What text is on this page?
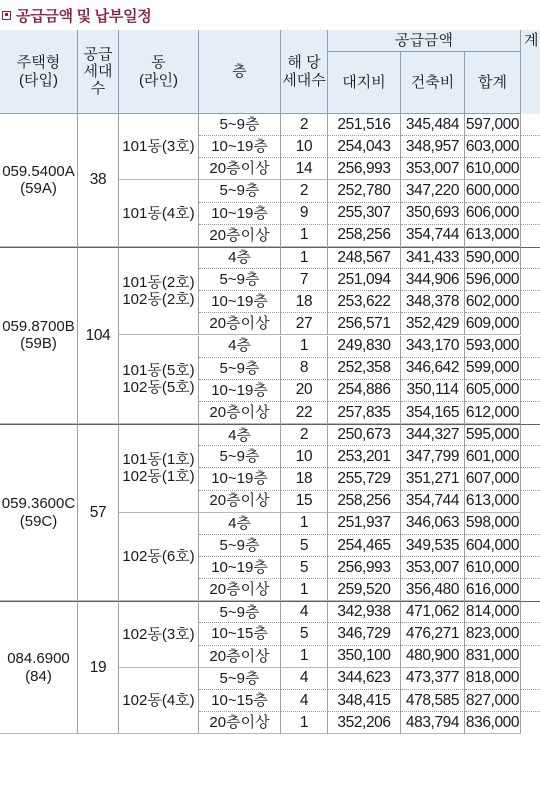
공급금액 및 납부일정
주택형
(타입)
공급
세대
수
동
(라인)
층
해 당
세대수
공급금액
대지비	건축비	합계
계
059.5400A
(59A)
38
101동(3호)
5~9층	2	251,516 345,484 597,000
10~19층	10	254,043 348,957 603,000
20층이상	14	256,993 353,007 610,000
101동(4호)
5~9층	2	252,780 347,220 600,000
10~19층	9	255,307 350,693 606,000
20층이상	1	258,256 354,744 613,000
059.8700B
(59B)
104
101동(2호)
102동(2호)
4층	1	248,567 341,433 590,000
5~9층	7	251,094 344,906 596,000
10~19층	18	253,622 348,378 602,000
20층이상	27	256,571 352,429 609,000
101동(5호)
102동(5호)
4층	1	249,830 343,170 593,000
5~9층	8	252,358 346,642 599,000
10~19층	20	254,886	350,114 605,000
20층이상	22	257,835 354,165 612,000
059.3600C
(59C)
57
101동(1호)
102동(1호)
4층	2	250,673 344,327 595,000
5~9층	10	253,201 347,799 601,000
10~19층	18	255,729 351,271 607,000
20층이상	15	258,256 354,744 613,000
102동(6호)
4층	1	251,937 346,063 598,000
5~9층	5	254,465 349,535 604,000
10~19층	5	256,993 353,007 610,000
20층이상	1	259,520 356,480 616,000
084.6900
(84)
19
102동(3호)
5~9층	4	342,938 471,062 814,000
10~15층	5	346,729 476,271 823,000
20층이상	1	350,100 480,900 831,000
102동(4호)
5~9층	4	344,623 473,377 818,000
10~15층	4	348,415 478,585 827,000
20층이상	1	352,206 483,794 836,000
